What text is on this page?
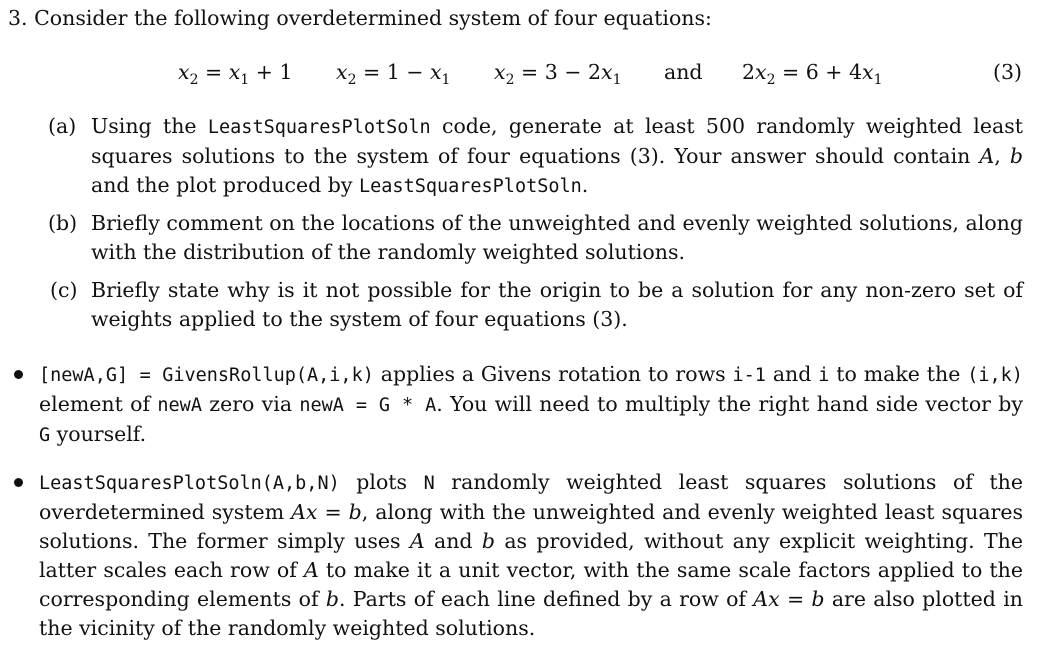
3. Consider the following overdetermined system of four equations:
$x_2 = x_1 + 1$ $x_2 = 1 - x_1$ $x_2 = 3 - 2x_1$ and $2x_2 = 6 + 4x_1$	(3)
(a) Using the LeastSquaresPlotSoln code, generate at least 500 randomly weighted least squares solutions to the system of four equations (3). Your answer should contain A, b and the plot produced by LeastSquaresPlotSoln.
(b) Briefly comment on the locations of the unweighted and evenly weighted solutions, along with the distribution of the randomly weighted solutions.
(c) Briefly state why is it not possible for the origin to be a solution for any non-zero set of weights applied to the system of four equations (3).
[newA,G] = GivensRollup(A,i,k) applies a Givens rotation to rows i-1 and i to make the (i,k) element of newA zero via newA = G * A. You will need to multiply the right hand side vector by G yourself.
LeastSquaresPlotSoln(A,b,N) plots N randomly weighted least squares solutions of the overdetermined system Ax = b, along with the unweighted and evenly weighted least squares solutions. The former simply uses A and b as provided, without any explicit weighting. The latter scales each row of A to make it a unit vector, with the same scale factors applied to the corresponding elements of b. Parts of each line defined by a row of Ax = b are also plotted in the vicinity of the randomly weighted solutions.
